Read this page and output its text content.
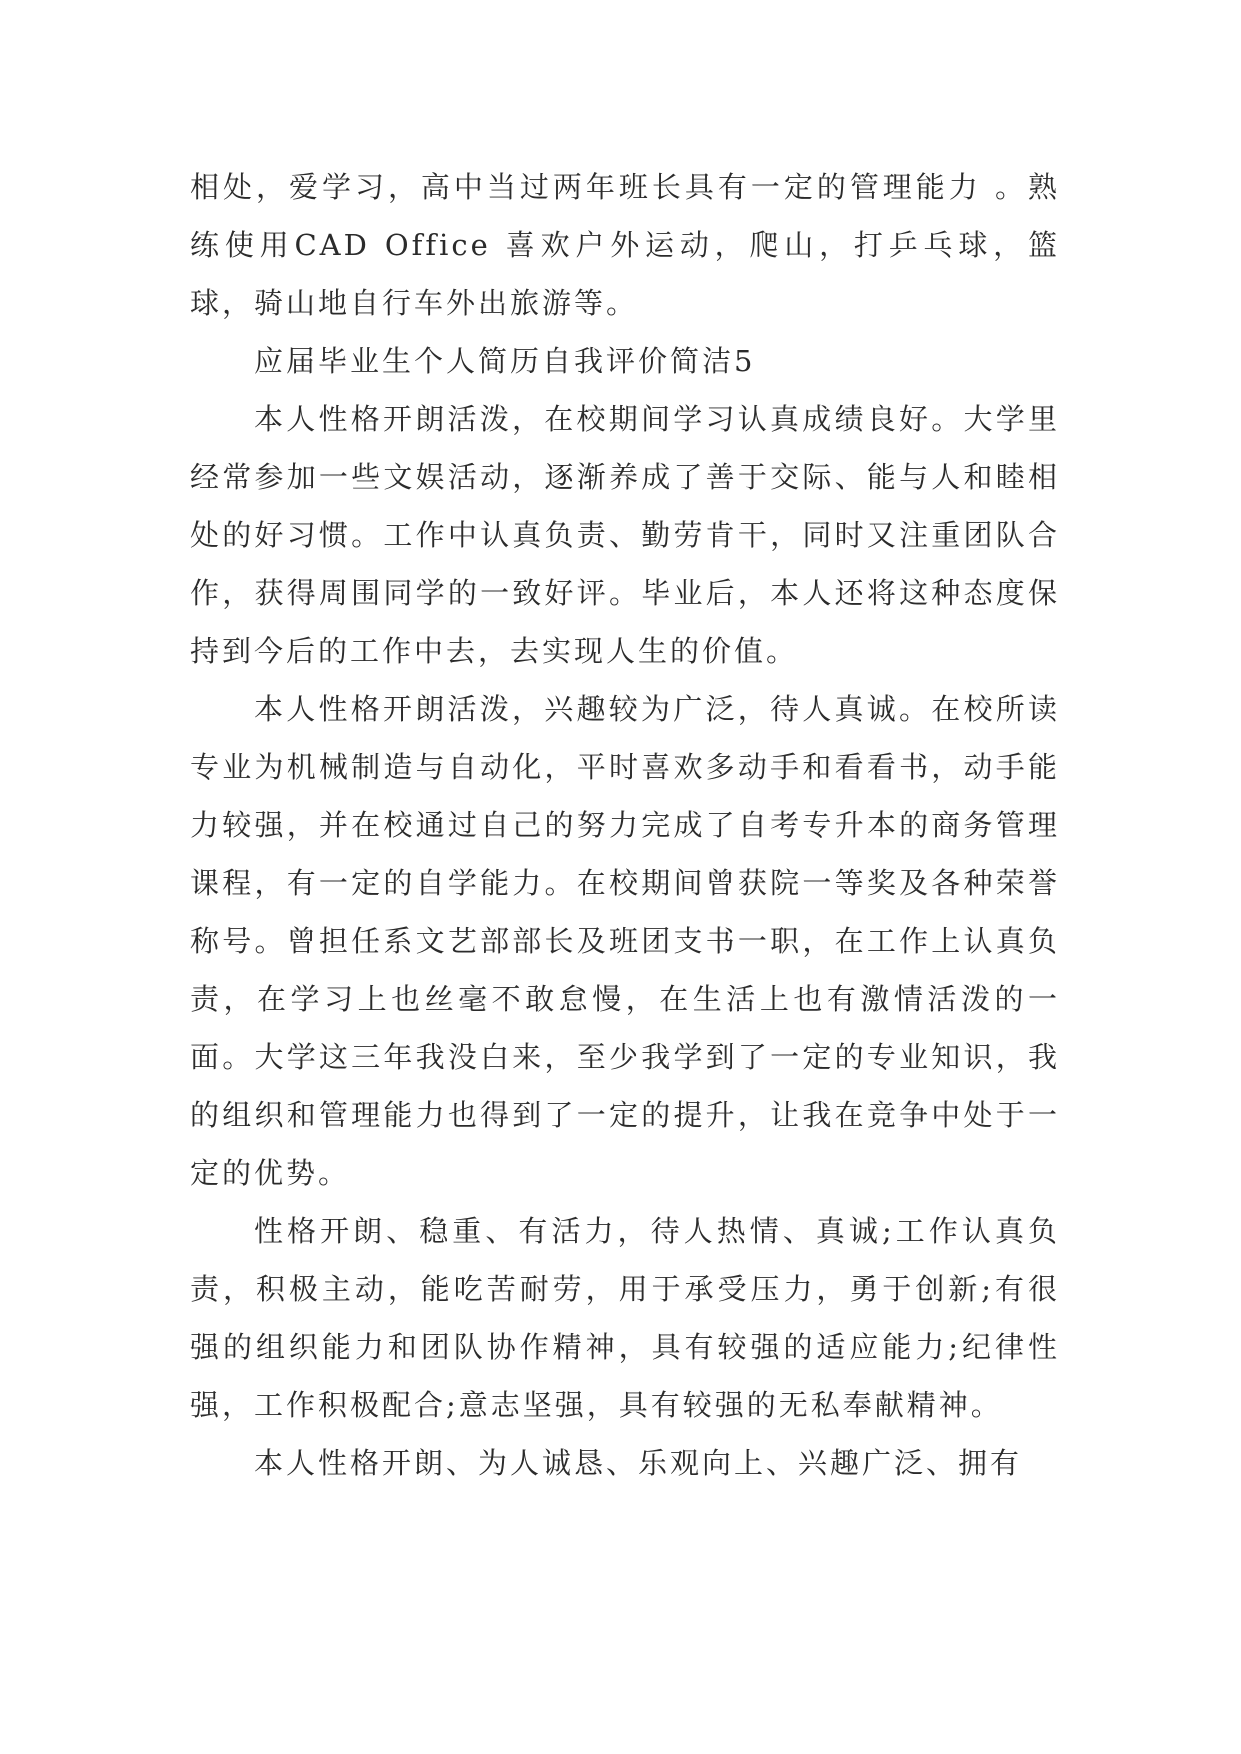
相处，爱学习，高中当过两年班长具有一定的管理能力 。熟练使用CAD Office 喜欢户外运动，爬山，打乒乓球，篮球，骑山地自行车外出旅游等。

应届毕业生个人简历自我评价简洁5

本人性格开朗活泼，在校期间学习认真成绩良好。大学里经常参加一些文娱活动，逐渐养成了善于交际、能与人和睦相处的好习惯。工作中认真负责、勤劳肯干，同时又注重团队合作，获得周围同学的一致好评。毕业后，本人还将这种态度保持到今后的工作中去，去实现人生的价值。

本人性格开朗活泼，兴趣较为广泛，待人真诚。在校所读专业为机械制造与自动化，平时喜欢多动手和看看书，动手能力较强，并在校通过自己的努力完成了自考专升本的商务管理课程，有一定的自学能力。在校期间曾获院一等奖及各种荣誉称号。曾担任系文艺部部长及班团支书一职，在工作上认真负责，在学习上也丝毫不敢怠慢，在生活上也有激情活泼的一面。大学这三年我没白来，至少我学到了一定的专业知识，我的组织和管理能力也得到了一定的提升，让我在竞争中处于一定的优势。

性格开朗、稳重、有活力，待人热情、真诚;工作认真负责，积极主动，能吃苦耐劳，用于承受压力，勇于创新;有很强的组织能力和团队协作精神，具有较强的适应能力;纪律性强，工作积极配合;意志坚强，具有较强的无私奉献精神。

本人性格开朗、为人诚恳、乐观向上、兴趣广泛、拥有
